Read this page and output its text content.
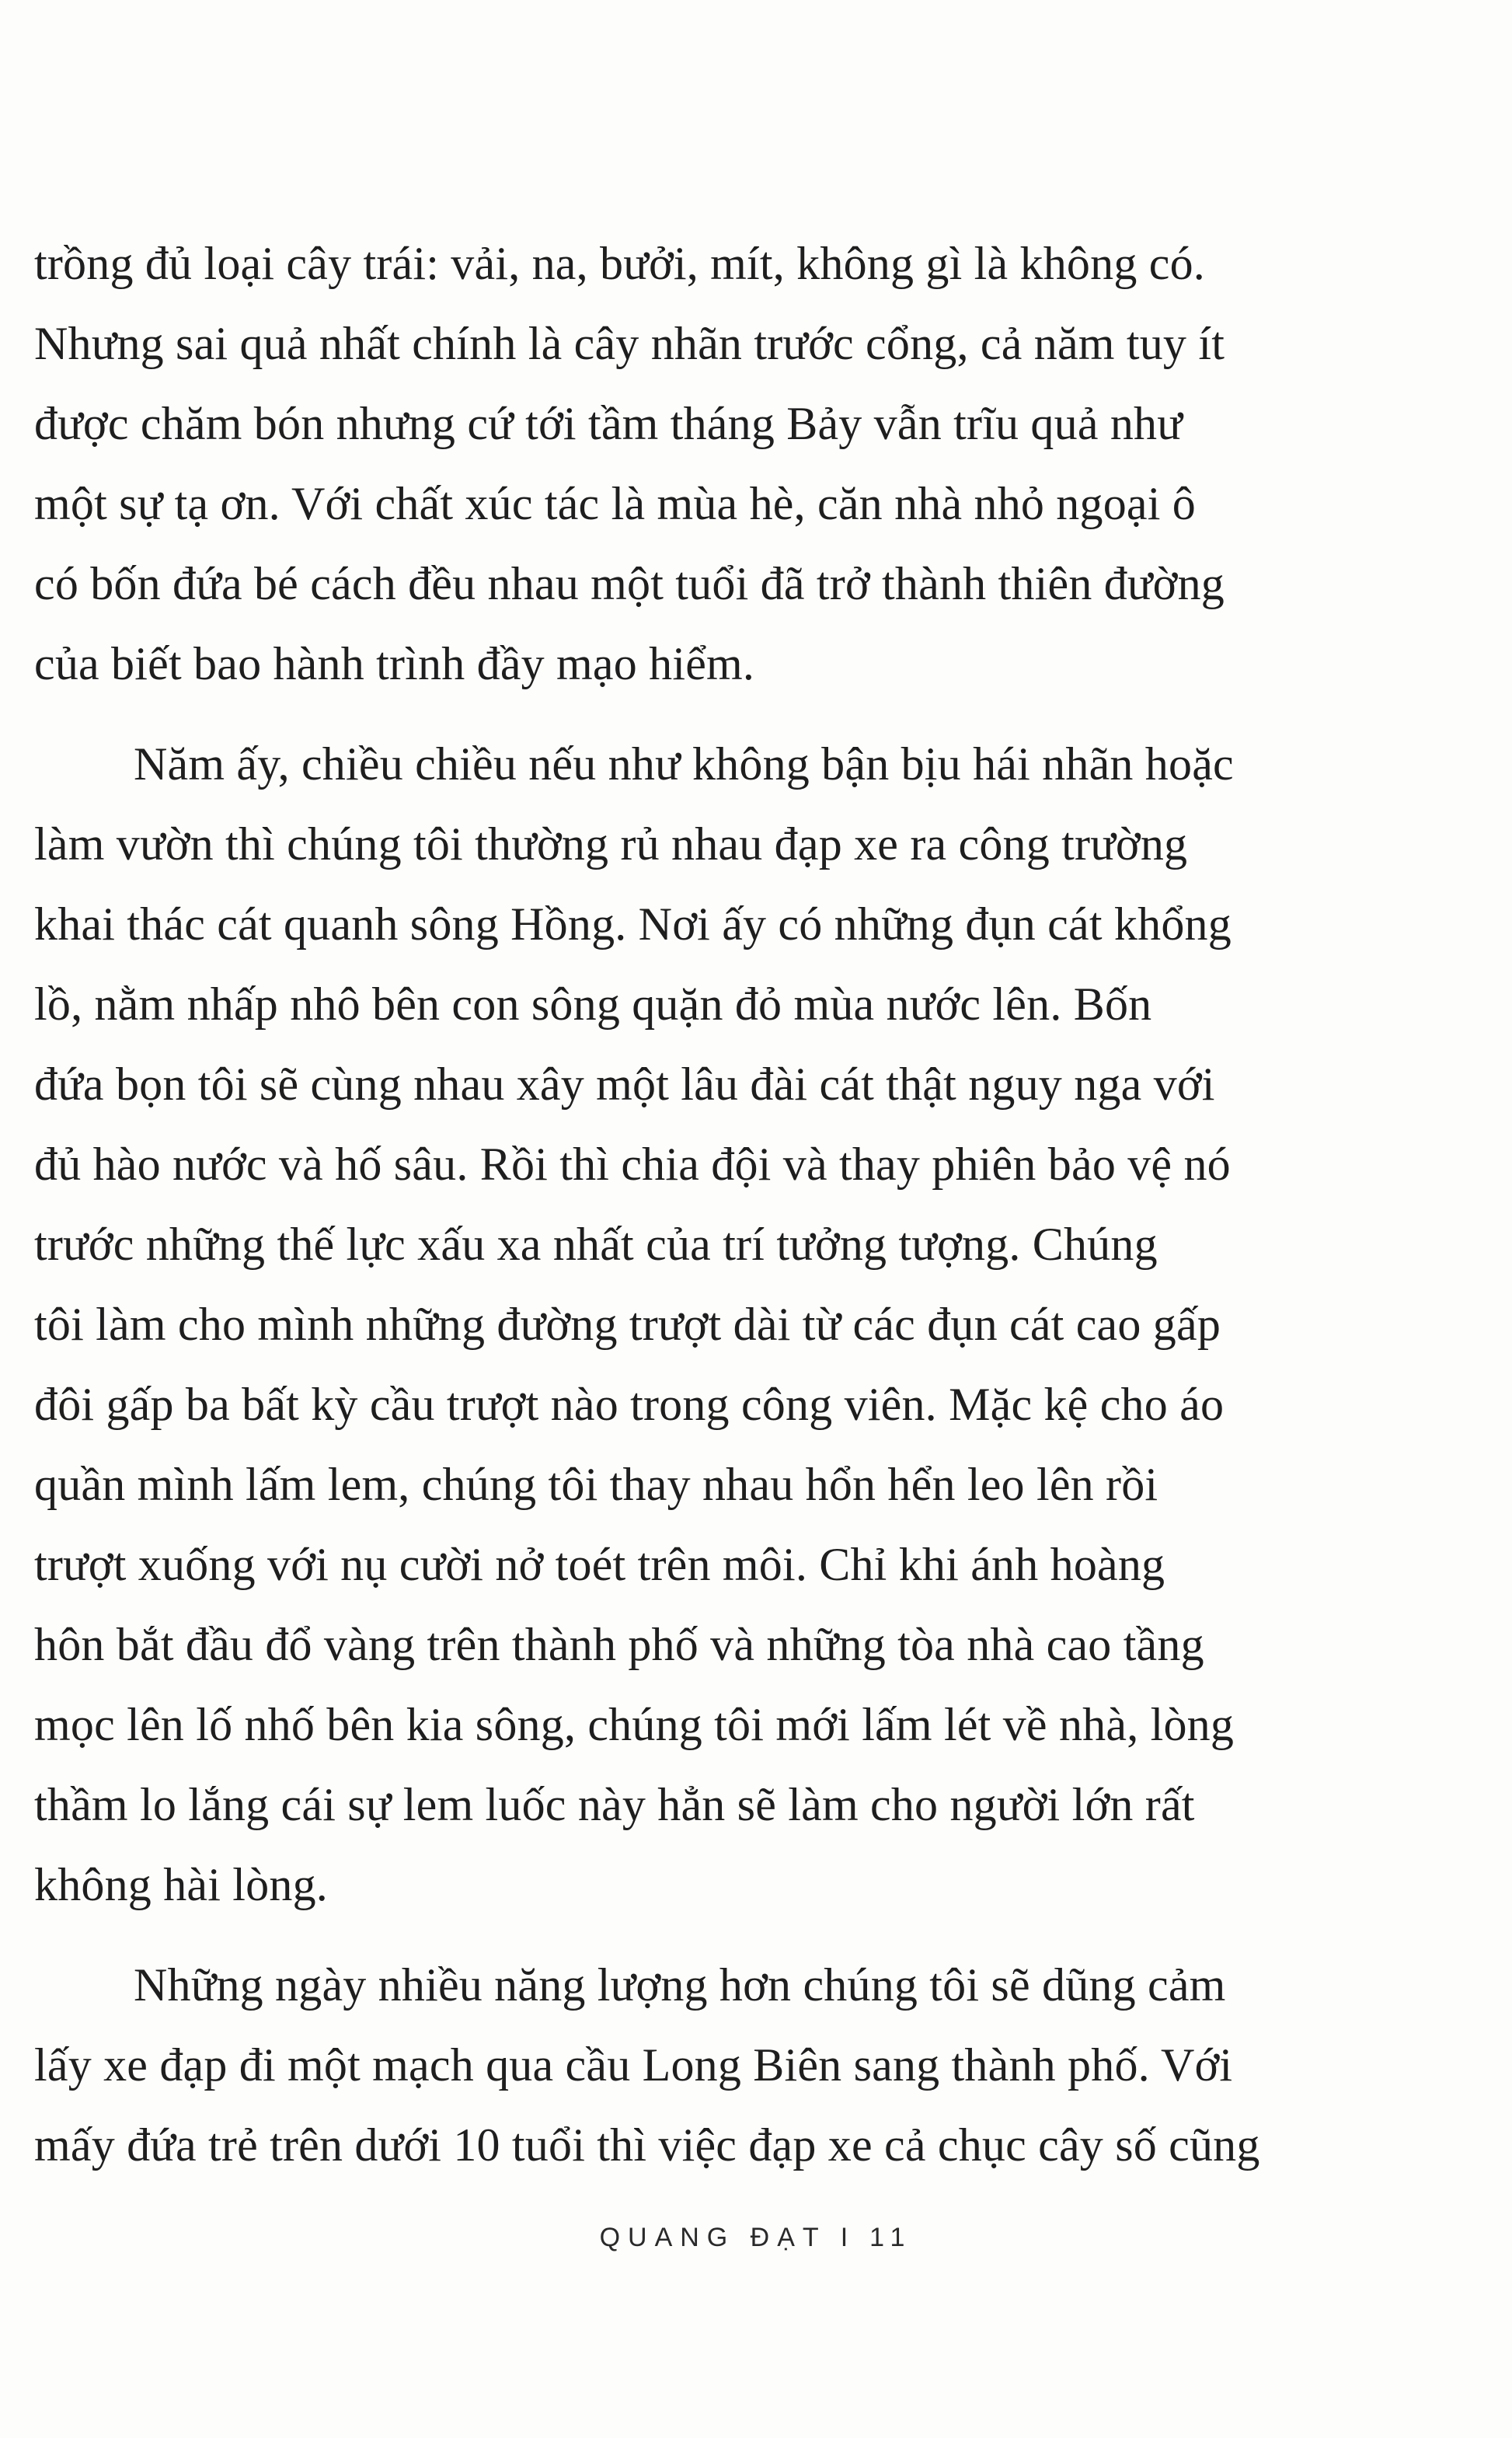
trồng đủ loại cây trái: vải, na, bưởi, mít, không gì là không có.
Nhưng sai quả nhất chính là cây nhãn trước cổng, cả năm tuy ít
được chăm bón nhưng cứ tới tầm tháng Bảy vẫn trĩu quả như
một sự tạ ơn. Với chất xúc tác là mùa hè, căn nhà nhỏ ngoại ô
có bốn đứa bé cách đều nhau một tuổi đã trở thành thiên đường
của biết bao hành trình đầy mạo hiểm.

Năm ấy, chiều chiều nếu như không bận bịu hái nhãn hoặc
làm vườn thì chúng tôi thường rủ nhau đạp xe ra công trường
khai thác cát quanh sông Hồng. Nơi ấy có những đụn cát khổng
lồ, nằm nhấp nhô bên con sông quặn đỏ mùa nước lên. Bốn
đứa bọn tôi sẽ cùng nhau xây một lâu đài cát thật nguy nga với
đủ hào nước và hố sâu. Rồi thì chia đội và thay phiên bảo vệ nó
trước những thế lực xấu xa nhất của trí tưởng tượng. Chúng
tôi làm cho mình những đường trượt dài từ các đụn cát cao gấp
đôi gấp ba bất kỳ cầu trượt nào trong công viên. Mặc kệ cho áo
quần mình lấm lem, chúng tôi thay nhau hổn hển leo lên rồi
trượt xuống với nụ cười nở toét trên môi. Chỉ khi ánh hoàng
hôn bắt đầu đổ vàng trên thành phố và những tòa nhà cao tầng
mọc lên lố nhố bên kia sông, chúng tôi mới lấm lét về nhà, lòng
thầm lo lắng cái sự lem luốc này hẳn sẽ làm cho người lớn rất
không hài lòng.

Những ngày nhiều năng lượng hơn chúng tôi sẽ dũng cảm
lấy xe đạp đi một mạch qua cầu Long Biên sang thành phố. Với
mấy đứa trẻ trên dưới 10 tuổi thì việc đạp xe cả chục cây số cũng

QUANG ĐẠT I 11
